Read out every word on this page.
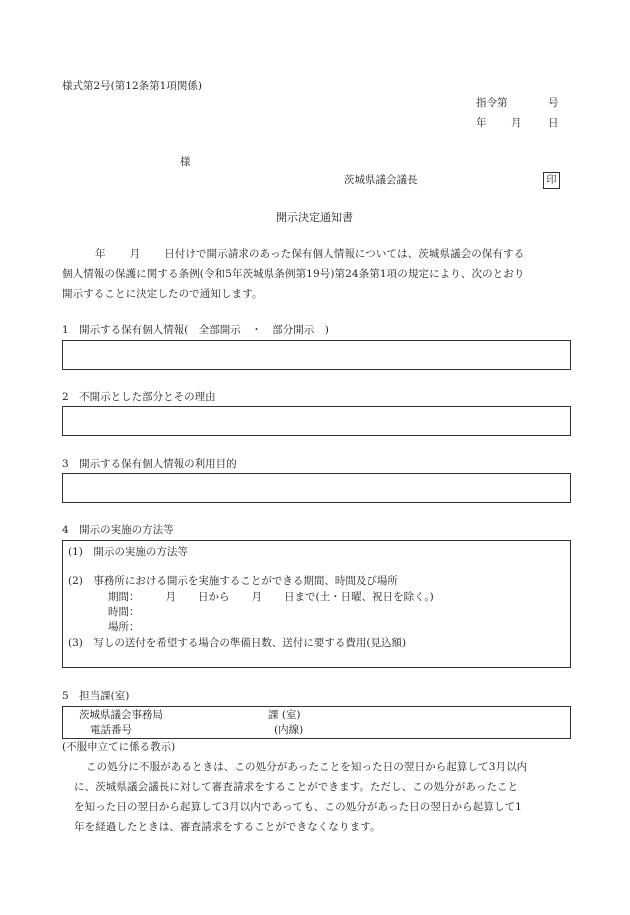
様式第2号(第12条第1項関係)
指令第	号
年 月	日
様
茨城県議会議長	印
開示決定通知書
年 月 日付けで開示請求のあった保有個人情報については、茨城県議会の保有する
個人情報の保護に関する条例(令和5年茨城県条例第19号)第24条第1項の規定により、次のとおり
開示することに決定したので通知します。
1　開示する保有個人情報(　全部開示　・　部分開示　)
2　不開示とした部分とその理由
3　開示する保有個人情報の利用目的
4　開示の実施の方法等
(1)　開示の実施の方法等
(2)　事務所における開示を実施することができる期間、時間及び場所
期間： 月 日から 月 日まで(土・日曜、祝日を除く。)
時間：
場所：
(3)　写しの送付を希望する場合の準備日数、送付に要する費用(見込額)
5　担当課(室)
茨城県議会事務局	課 (室)
電話番号	(内線)
(不服申立てに係る教示)
この処分に不服があるときは、この処分があったことを知った日の翌日から起算して3月以内
に、茨城県議会議長に対して審査請求をすることができます。ただし、この処分があったこと
を知った日の翌日から起算して3月以内であっても、この処分があった日の翌日から起算して1
年を経過したときは、審査請求をすることができなくなります。
